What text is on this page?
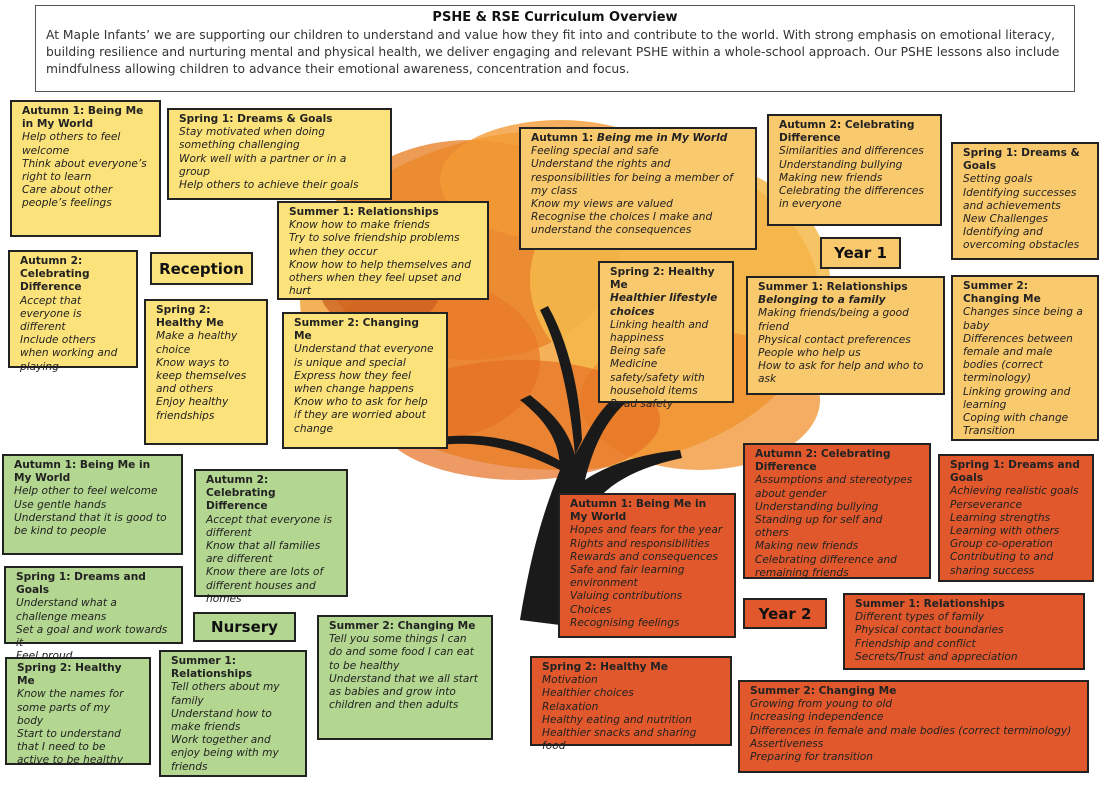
PSHE & RSE Curriculum Overview

At Maple Infants’ we are supporting our children to understand and value how they fit into and contribute to the world. With strong emphasis on emotional literacy, building resilience and nurturing mental and physical health, we deliver engaging and relevant PSHE within a whole-school approach. Our PSHE lessons also include mindfulness allowing children to advance their emotional awareness, concentration and focus.

Autumn 1: Being Me in My World
Help others to feel welcome
Think about everyone’s right to learn
Care about other people’s feelings
Spring 1: Dreams & Goals
Stay motivated when doing something challenging
Work well with a partner or in a group
Help others to achieve their goals
Autumn 2: Celebrating Difference
Accept that everyone is different
Include others when working and playing
Reception
Summer 1: Relationships
Know how to make friends
Try to solve friendship problems when they occur
Know how to help themselves and others when they feel upset and hurt
Spring 2: Healthy Me
Make a healthy choice
Know ways to keep themselves and others
Enjoy healthy friendships
Summer 2: Changing Me
Understand that everyone is unique and special
Express how they feel when change happens
Know who to ask for help if they are worried about change
Autumn 1: Being me in My World
Feeling special and safe
Understand the rights and responsibilities for being a member of my class
Know my views are valued
Recognise the choices I make and understand the consequences
Autumn 2: Celebrating Difference
Similarities and differences
Understanding bullying
Making new friends
Celebrating the differences in everyone
Spring 1: Dreams & Goals
Setting goals
Identifying successes and achievements
New Challenges
Identifying and overcoming obstacles
Year 1
Spring 2: Healthy Me
Healthier lifestyle choices
Linking health and happiness
Being safe
Medicine safety/safety with household items
Road safety
Summer 1: Relationships
Belonging to a family
Making friends/being a good friend
Physical contact preferences
People who help us
How to ask for help and who to ask
Summer 2: Changing Me
Changes since being a baby
Differences between female and male bodies (correct terminology)
Linking growing and learning
Coping with change
Transition
Autumn 1: Being Me in My World
Help other to feel welcome
Use gentle hands
Understand that it is good to be kind to people
Autumn 2: Celebrating Difference
Accept that everyone is different
Know that all families are different
Know there are lots of different houses and homes
Spring 1: Dreams and Goals
Understand what a challenge means
Set a goal and work towards it
Nursery	Summer 2: Changing Me
Tell you some things I can do and some food I can eat to be healthy
Understand that we all start as babies and grow into children and then adults
Spring 2: Healthy Me
Know the names for some parts of my body
Start to understand that I need to be active to be healthy
Summer 1: Relationships
Tell others about my family
Understand how to make friends
Work together and enjoy being with my friends
Autumn 2: Celebrating Difference
Assumptions and stereotypes about gender
Understanding bullying
Standing up for self and others
Making new friends
Celebrating difference and remaining friends
Spring 1: Dreams and Goals
Achieving realistic goals
Perseverance
Learning strengths
Learning with others
Group co-operation
Contributing to and sharing success
Autumn 1: Being Me in My World
Hopes and fears for the year
Rights and responsibilities
Rewards and consequences
Safe and fair learning environment
Valuing contributions
Choices
Recognising feelings
Year 2
Summer 1: Relationships
Different types of family
Physical contact boundaries
Friendship and conflict
Secrets/Trust and appreciation
Spring 2: Healthy Me
Motivation
Healthier choices
Relaxation
Healthy eating and nutrition
Healthier snacks and sharing food
Summer 2: Changing Me
Growing from young to old
Increasing independence
Differences in female and male bodies (correct terminology)
Assertiveness
Preparing for transition
